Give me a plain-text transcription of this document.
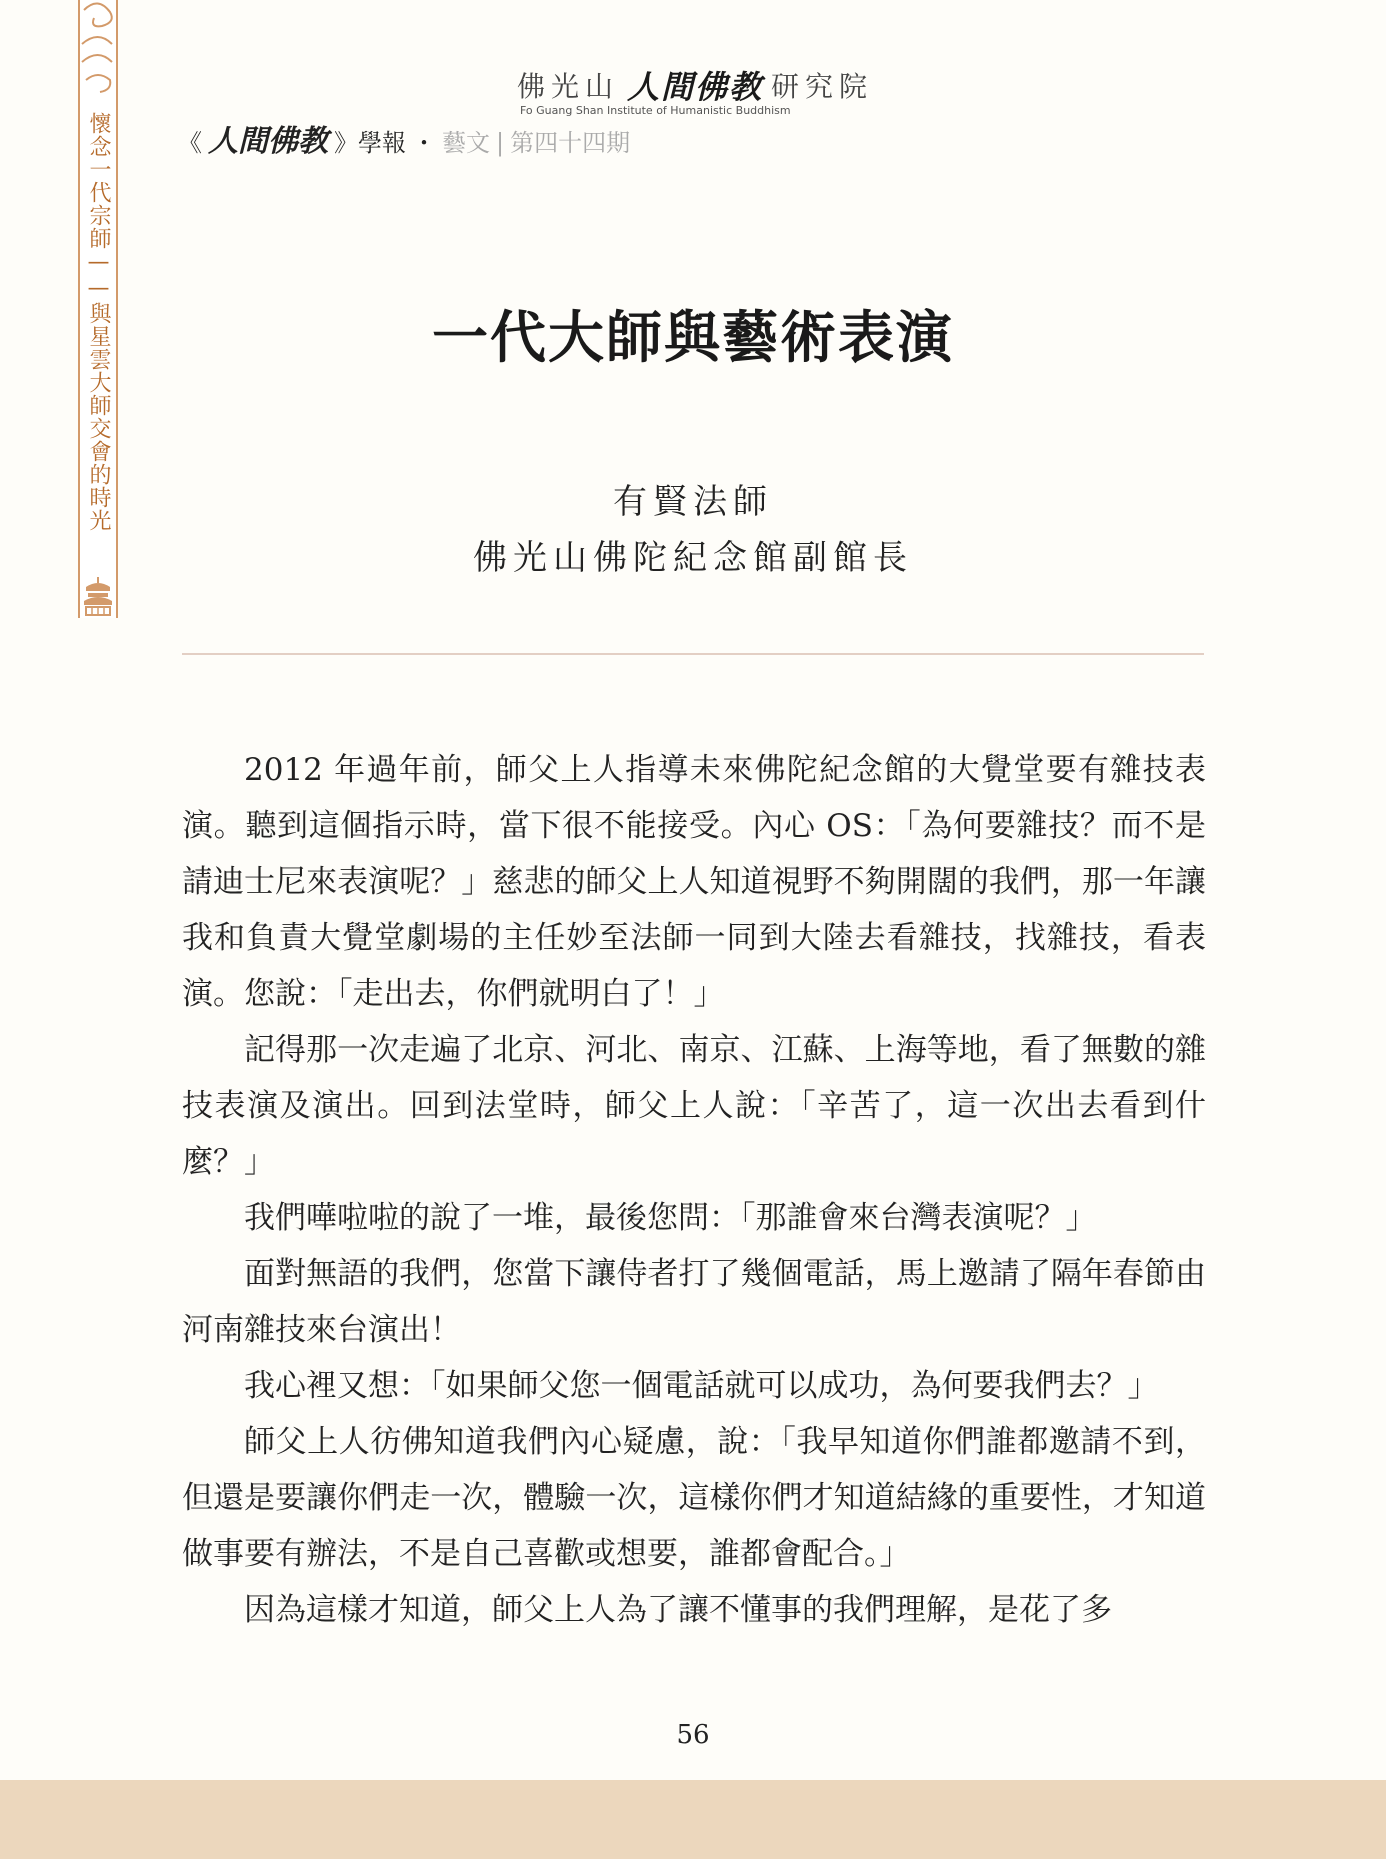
懷念一代宗師——與星雲大師交會的時光
佛光山 人間佛教 研究院
Fo Guang Shan Institute of Humanistic Buddhism
《 人間佛教 》學報 ・ 藝文 | 第四十四期
一代大師與藝術表演
有賢法師
佛光山佛陀紀念館副館長

2012 年過年前，師父上人指導未來佛陀紀念館的大覺堂要有雜技表演。聽到這個指示時，當下很不能接受。內心 OS：「為何要雜技？而不是請迪士尼來表演呢？」慈悲的師父上人知道視野不夠開闊的我們，那一年讓我和負責大覺堂劇場的主任妙至法師一同到大陸去看雜技，找雜技，看表演。您說：「走出去，你們就明白了！」

記得那一次走遍了北京、河北、南京、江蘇、上海等地，看了無數的雜技表演及演出。回到法堂時，師父上人說：「辛苦了，這一次出去看到什麼？」

我們嘩啦啦的說了一堆，最後您問：「那誰會來台灣表演呢？」

面對無語的我們，您當下讓侍者打了幾個電話，馬上邀請了隔年春節由河南雜技來台演出！

我心裡又想：「如果師父您一個電話就可以成功，為何要我們去？」

師父上人彷佛知道我們內心疑慮，說：「我早知道你們誰都邀請不到，但還是要讓你們走一次，體驗一次，這樣你們才知道結緣的重要性，才知道做事要有辦法，不是自己喜歡或想要，誰都會配合。」

因為這樣才知道，師父上人為了讓不懂事的我們理解，是花了多

56
